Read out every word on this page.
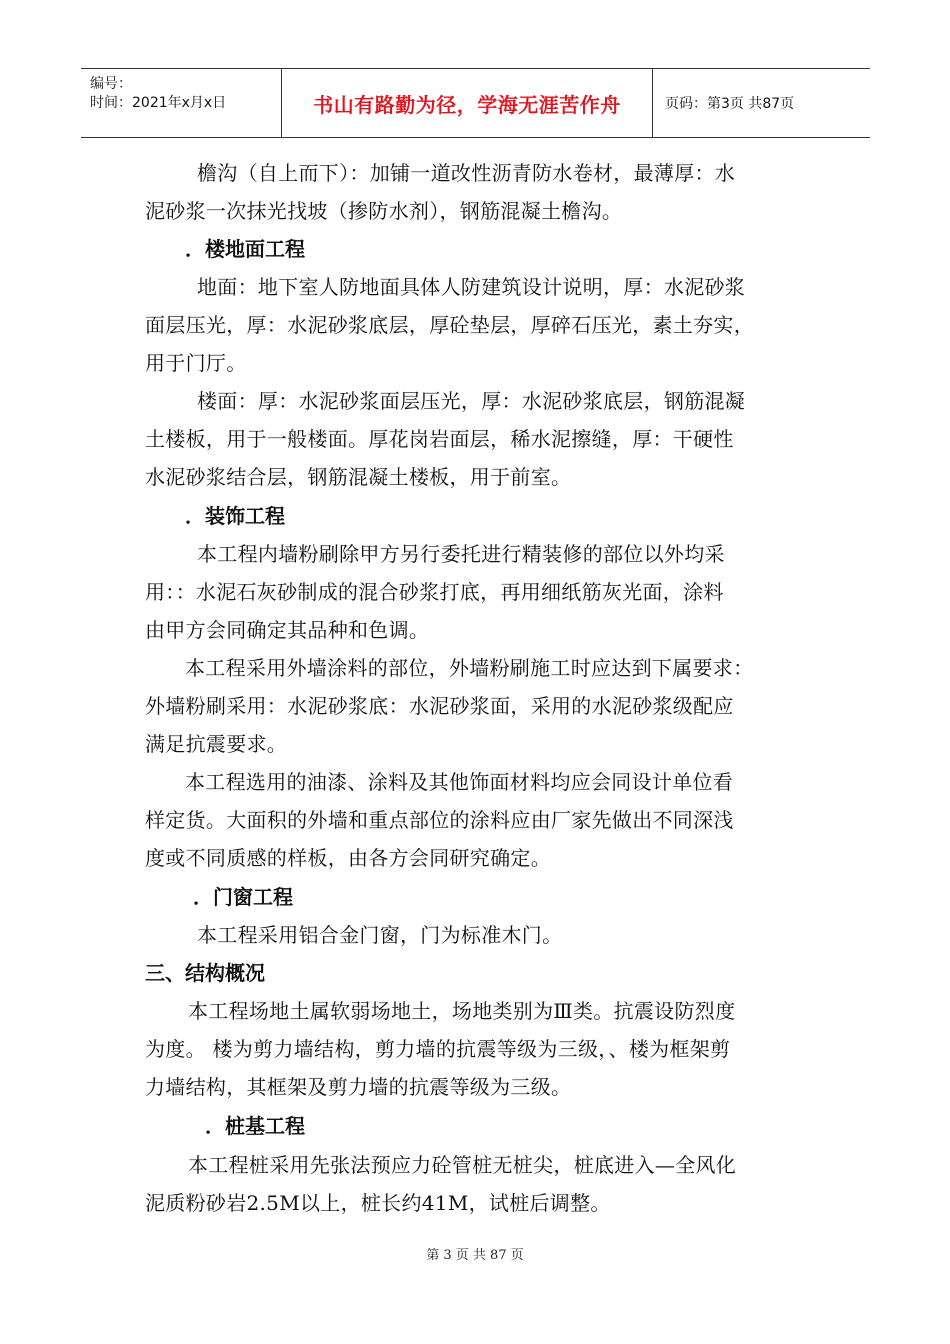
编号：
时间：2021年x月x日	书山有路勤为径，学海无涯苦作舟	页码：第3页 共87页
檐沟（自上而下）：加铺一道改性沥青防水卷材，最薄厚：水
泥砂浆一次抹光找坡（掺防水剂），钢筋混凝土檐沟。
．楼地面工程
地面：地下室人防地面具体人防建筑设计说明，厚：水泥砂浆
面层压光，厚：水泥砂浆底层，厚砼垫层，厚碎石压光，素土夯实，
用于门厅。
楼面：厚：水泥砂浆面层压光，厚：水泥砂浆底层，钢筋混凝
土楼板，用于一般楼面。厚花岗岩面层，稀水泥擦缝，厚：干硬性
水泥砂浆结合层，钢筋混凝土楼板，用于前室。
．装饰工程
本工程内墙粉刷除甲方另行委托进行精装修的部位以外均采
用：：水泥石灰砂制成的混合砂浆打底，再用细纸筋灰光面，涂料
由甲方会同确定其品种和色调。
本工程采用外墙涂料的部位，外墙粉刷施工时应达到下属要求：
外墙粉刷采用：水泥砂浆底：水泥砂浆面，采用的水泥砂浆级配应
满足抗震要求。
本工程选用的油漆、涂料及其他饰面材料均应会同设计单位看
样定货。大面积的外墙和重点部位的涂料应由厂家先做出不同深浅
度或不同质感的样板，由各方会同研究确定。
．门窗工程
本工程采用铝合金门窗，门为标准木门。
三、结构概况
本工程场地土属软弱场地土，场地类别为Ⅲ类。抗震设防烈度
为度。 楼为剪力墙结构，剪力墙的抗震等级为三级，、楼为框架剪
力墙结构，其框架及剪力墙的抗震等级为三级。
．桩基工程
本工程桩采用先张法预应力砼管桩无桩尖，桩底进入—全风化
泥质粉砂岩2.5M以上，桩长约41M，试桩后调整。
第 3 页 共 87 页
